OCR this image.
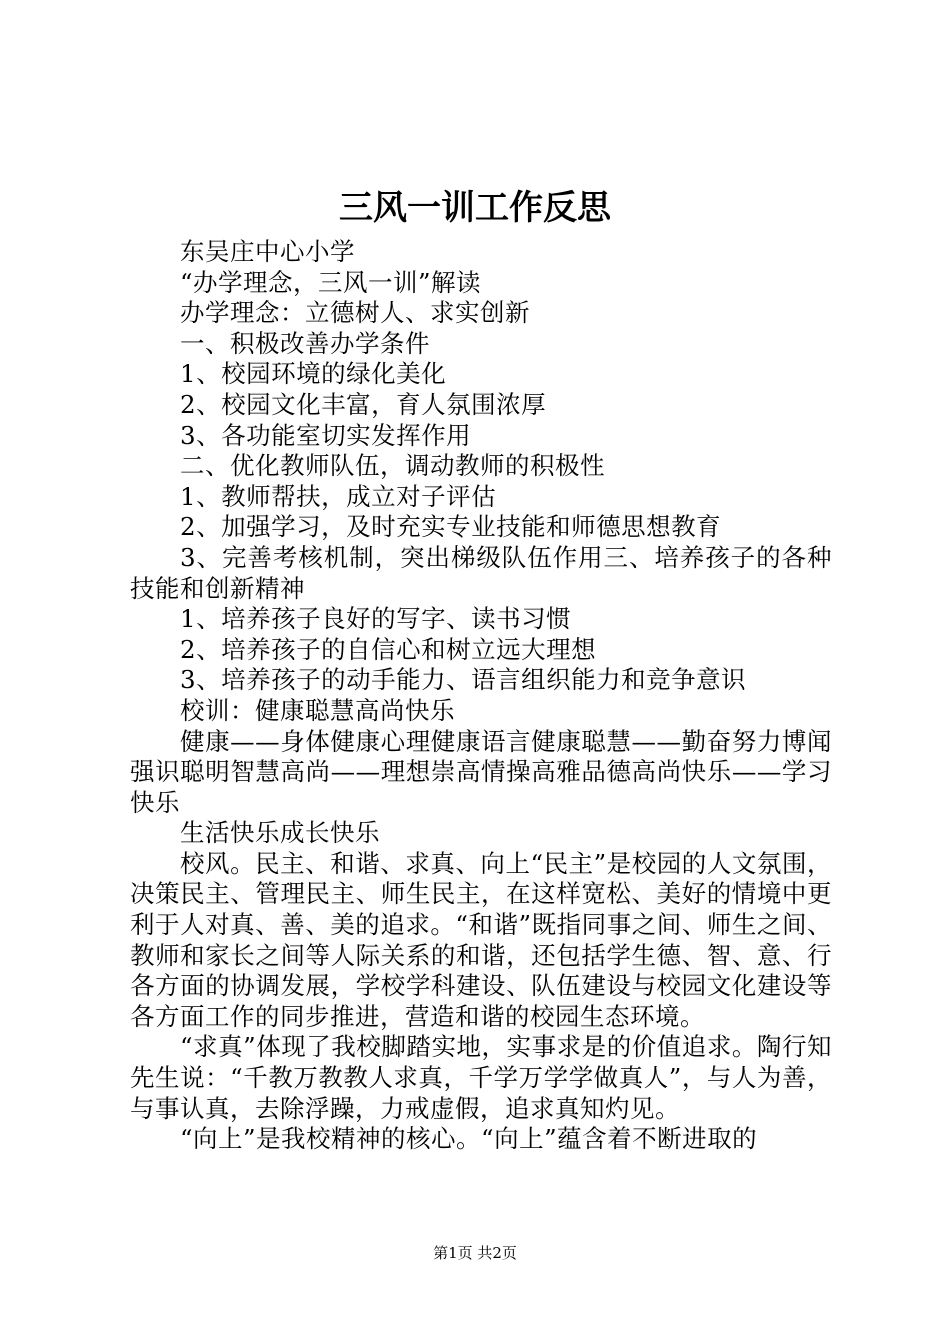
三风一训工作反思

东吴庄中心小学

“办学理念，三风一训”解读

办学理念：立德树人、求实创新

一、积极改善办学条件

1、校园环境的绿化美化

2、校园文化丰富，育人氛围浓厚

3、各功能室切实发挥作用

二、优化教师队伍，调动教师的积极性

1、教师帮扶，成立对子评估

2、加强学习，及时充实专业技能和师德思想教育

3、完善考核机制，突出梯级队伍作用三、培养孩子的各种技能和创新精神

1、培养孩子良好的写字、读书习惯

2、培养孩子的自信心和树立远大理想

3、培养孩子的动手能力、语言组织能力和竞争意识

校训：健康聪慧高尚快乐

健康——身体健康心理健康语言健康聪慧——勤奋努力博闻强识聪明智慧高尚——理想崇高情操高雅品德高尚快乐——学习快乐

生活快乐成长快乐

校风。民主、和谐、求真、向上“民主”是校园的人文氛围，决策民主、管理民主、师生民主，在这样宽松、美好的情境中更利于人对真、善、美的追求。“和谐”既指同事之间、师生之间、教师和家长之间等人际关系的和谐，还包括学生德、智、意、行各方面的协调发展，学校学科建设、队伍建设与校园文化建设等各方面工作的同步推进，营造和谐的校园生态环境。

“求真”体现了我校脚踏实地，实事求是的价值追求。陶行知先生说：“千教万教教人求真，千学万学学做真人”，与人为善，与事认真，去除浮躁，力戒虚假，追求真知灼见。

“向上”是我校精神的核心。“向上”蕴含着不断进取的

第1页 共2页
